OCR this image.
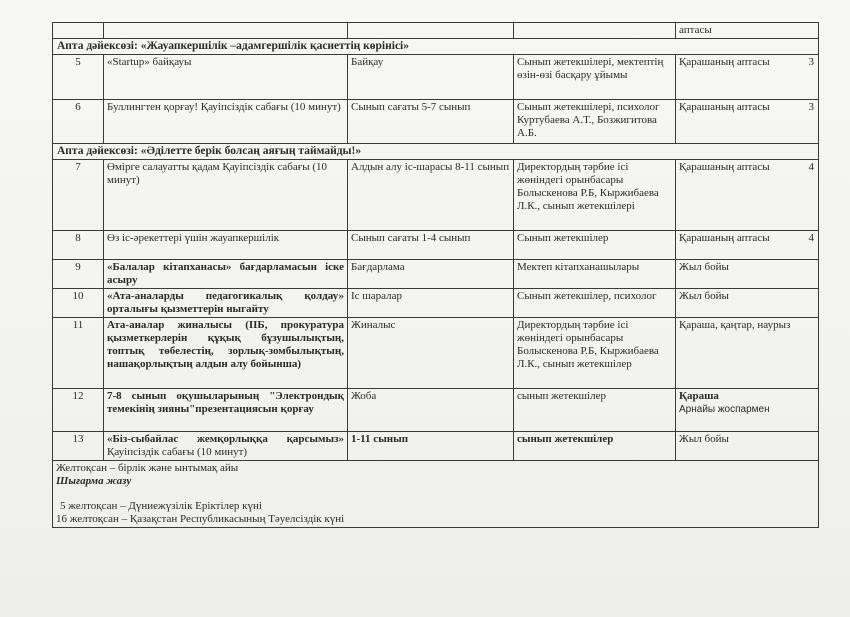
				аптасы
Апта дәйексөзі: «Жауапкершілік –адамгершілік қасиеттің көрінісі»				
5	«Startup» байқауы	Байқау	Сынып жетекшілері, мектептің өзін-өзі басқару ұйымы	Қарашаның аптасы 3

6	Буллингтен қорғау! Қауіпсіздік сабағы (10 минут)	Сынып сағаты 5-7 сынып	Сынып жетекшілері, психолог Куртубаева А.Т., Бозжигитова А.Б.	Қарашаның аптасы 3

Апта дәйексөзі: «Әділетте берік болсаң аяғың таймайды!»				
7	Өмірге салауатты қадам Қауіпсіздік сабағы (10 минут)	Алдын алу іс-шарасы 8-11 сынып	Директордың тәрбие ісі жөніндегі орынбасары Болыскенова Р.Б, Кыржибаева Л.К., сынып жетекшілері	Қарашаның аптасы 4

8	Өз іс-әрекеттері үшін жауапкершілік	Сынып сағаты 1-4 сынып	Сынып жетекшілер	Қарашаның аптасы 4

9	«Балалар кітапханасы» бағдарламасын іске асыру	Бағдарлама	Мектеп кітапханашылары	Жыл бойы
10	«Ата-аналарды педагогикалық қолдау» орталығы қызметтерін ныгайту	Іс шаралар	Сынып жетекшілер, психолог	Жыл бойы
11	Ата-аналар жиналысы (ІІБ, прокуратура қызметкерлерін құқық бұзушылықтың, топтық төбелестің, зорлық-зомбылықтың, нашақорлықтың алдын алу бойынша)	Жиналыс	Директордың тәрбие ісі жөніндегі орынбасары Болыскенова Р.Б, Кыржибаева Л.К., сынып жетекшілер	Қараша, қаңтар, наурыз
12	7-8 сынып оқушыларының "Электрондық темекінің зияны"презентациясын қорғау	Жоба	сынып жетекшілер	Қараша
Арнайы жоспармен

13	«Біз-сыбайлас жемқорлыққа қарсымыз» Қауіпсіздік сабағы (10 минут)	1-11 сынып	сынып жетекшілер	Жыл бойы

Желтоқсан – бірлік және ынтымақ айы
Шығарма жазу
5 желтоқсан – Дүниежүзілік Еріктілер күні
16 желтоқсан – Қазақстан Республикасының Тәуелсіздік күні				
